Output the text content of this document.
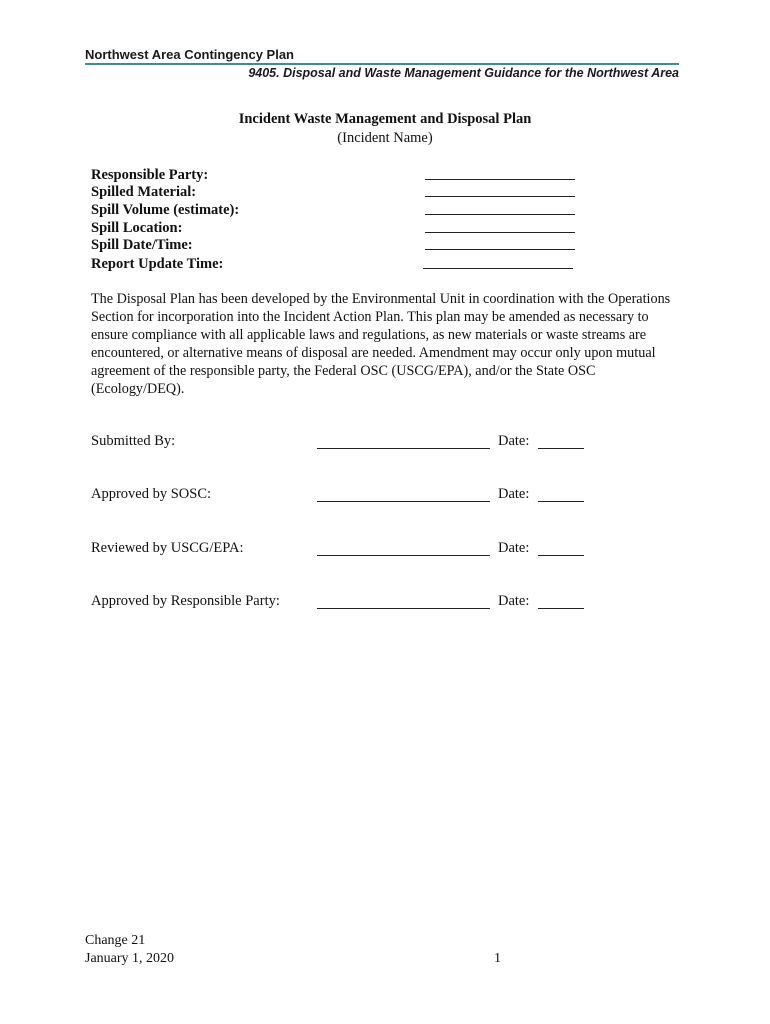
Northwest Area Contingency Plan
9405. Disposal and Waste Management Guidance for the Northwest Area
Incident Waste Management and Disposal Plan
(Incident Name)
Responsible Party:
Spilled Material:
Spill Volume (estimate):
Spill Location:
Spill Date/Time:
Report Update Time:
The Disposal Plan has been developed by the Environmental Unit in coordination with the Operations Section for incorporation into the Incident Action Plan. This plan may be amended as necessary to ensure compliance with all applicable laws and regulations, as new materials or waste streams are encountered, or alternative means of disposal are needed. Amendment may occur only upon mutual agreement of the responsible party, the Federal OSC (USCG/EPA), and/or the State OSC (Ecology/DEQ).
Submitted By:	Date:
Approved by SOSC:	Date:
Reviewed by USCG/EPA:	Date:
Approved by Responsible Party:	Date:
Change 21
January 1, 2020	1
